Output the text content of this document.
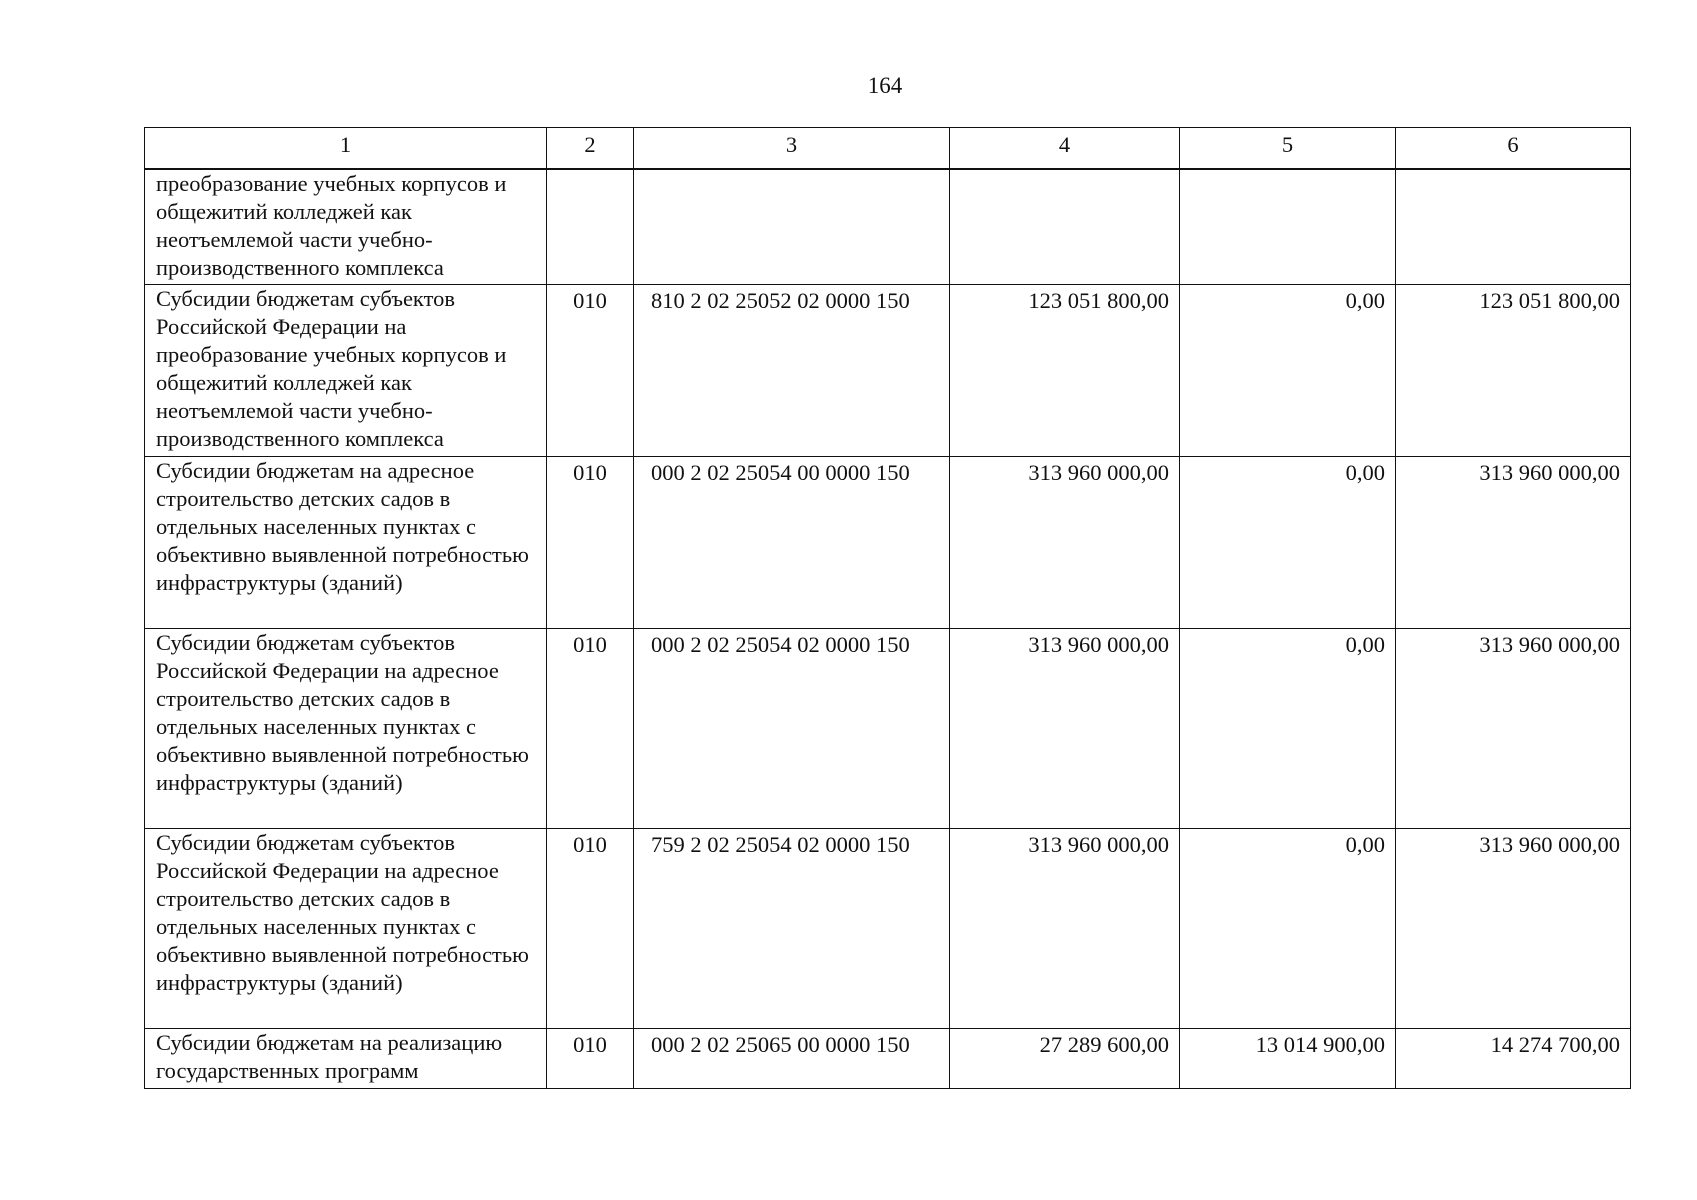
164
1	2	3	4	5	6
преобразование учебных корпусов и общежитий колледжей как неотъемлемой части учебно-производственного комплекса					
Субсидии бюджетам субъектов Российской Федерации на преобразование учебных корпусов и общежитий колледжей как неотъемлемой части учебно-производственного комплекса	010	810 2 02 25052 02 0000 150	123 051 800,00	0,00	123 051 800,00
Субсидии бюджетам на адресное строительство детских садов в отдельных населенных пунктах с объективно выявленной потребностью инфраструктуры (зданий)	010	000 2 02 25054 00 0000 150	313 960 000,00	0,00	313 960 000,00
Субсидии бюджетам субъектов Российской Федерации на адресное строительство детских садов в отдельных населенных пунктах с объективно выявленной потребностью инфраструктуры (зданий)	010	000 2 02 25054 02 0000 150	313 960 000,00	0,00	313 960 000,00
Субсидии бюджетам субъектов Российской Федерации на адресное строительство детских садов в отдельных населенных пунктах с объективно выявленной потребностью инфраструктуры (зданий)	010	759 2 02 25054 02 0000 150	313 960 000,00	0,00	313 960 000,00
Субсидии бюджетам на реализацию государственных программ	010	000 2 02 25065 00 0000 150	27 289 600,00	13 014 900,00	14 274 700,00
